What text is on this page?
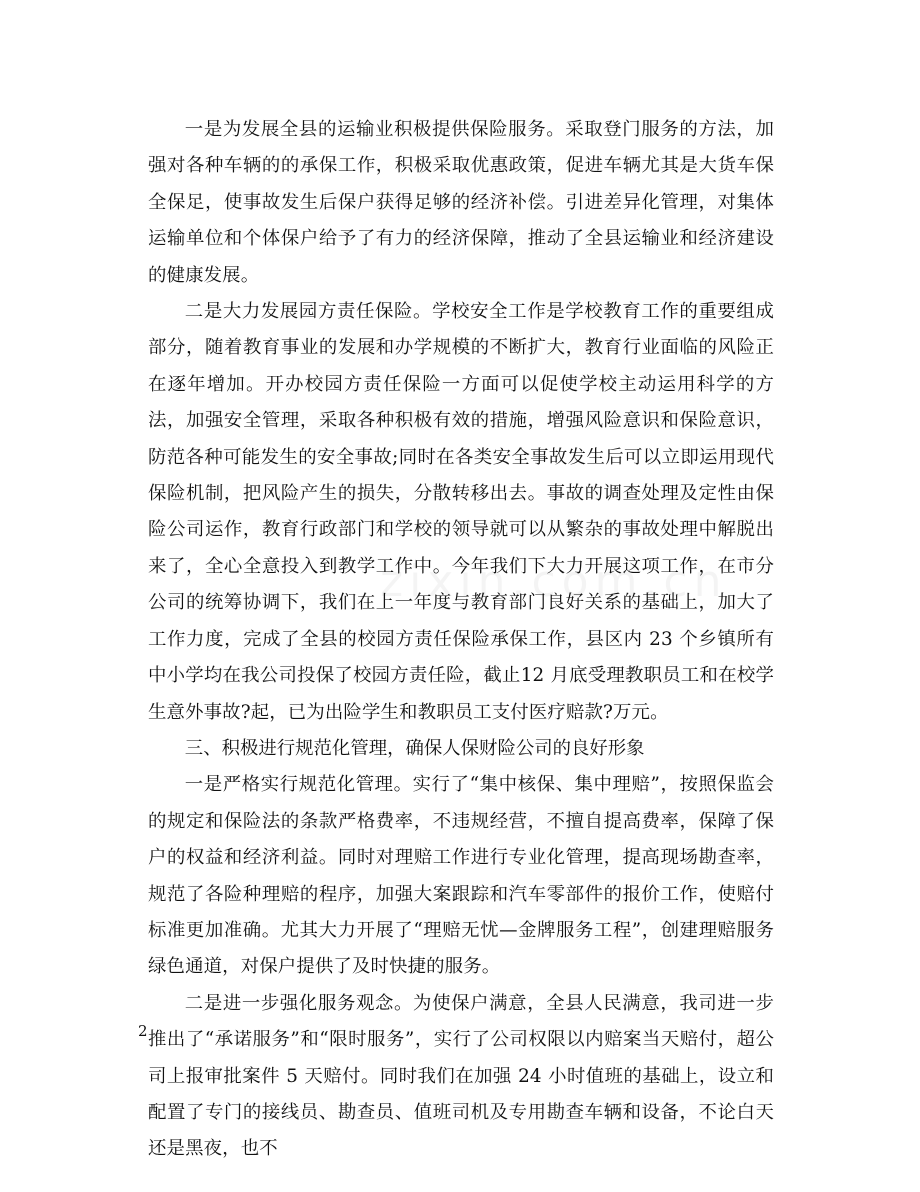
一是为发展全县的运输业积极提供保险服务。采取登门服务的方法，加强对各种车辆的的承保工作，积极采取优惠政策，促进车辆尤其是大货车保全保足，使事故发生后保户获得足够的经济补偿。引进差异化管理，对集体运输单位和个体保户给予了有力的经济保障，推动了全县运输业和经济建设的健康发展。

二是大力发展园方责任保险。学校安全工作是学校教育工作的重要组成部分，随着教育事业的发展和办学规模的不断扩大，教育行业面临的风险正在逐年增加。开办校园方责任保险一方面可以促使学校主动运用科学的方法，加强安全管理，采取各种积极有效的措施，增强风险意识和保险意识，防范各种可能发生的安全事故;同时在各类安全事故发生后可以立即运用现代保险机制，把风险产生的损失，分散转移出去。事故的调查处理及定性由保险公司运作，教育行政部门和学校的领导就可以从繁杂的事故处理中解脱出来了，全心全意投入到教学工作中。今年我们下大力开展这项工作，在市分公司的统筹协调下，我们在上一年度与教育部门良好关系的基础上，加大了工作力度，完成了全县的校园方责任保险承保工作，县区内 23 个乡镇所有中小学均在我公司投保了校园方责任险，截止12 月底受理教职员工和在校学生意外事故?起，已为出险学生和教职员工支付医疗赔款?万元。

三、积极进行规范化管理，确保人保财险公司的良好形象

一是严格实行规范化管理。实行了“集中核保、集中理赔”，按照保监会的规定和保险法的条款严格费率，不违规经营，不擅自提高费率，保障了保户的权益和经济利益。同时对理赔工作进行专业化管理，提高现场勘查率，规范了各险种理赔的程序，加强大案跟踪和汽车零部件的报价工作，使赔付标准更加准确。尤其大力开展了“理赔无忧—金牌服务工程”，创建理赔服务绿色通道，对保户提供了及时快捷的服务。

二是进一步强化服务观念。为使保户满意，全县人民满意，我司进一步推出了“承诺服务”和“限时服务”，实行了公司权限以内赔案当天赔付，超公司上报审批案件 5 天赔付。同时我们在加强 24 小时值班的基础上，设立和配置了专门的接线员、勘查员、值班司机及专用勘查车辆和设备，不论白天还是黑夜，也不

2
